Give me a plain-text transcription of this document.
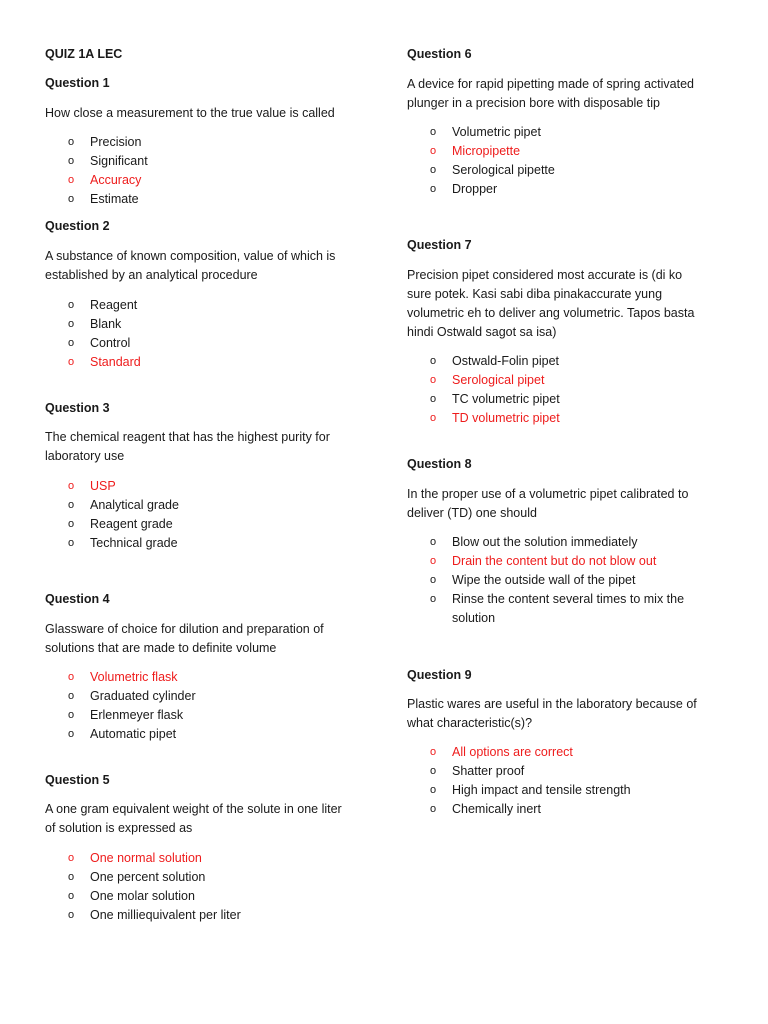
QUIZ 1A LEC
Question 1
How close a measurement to the true value is called
o Precision
o Significant
o Accuracy
o Estimate
Question 2
A substance of known composition, value of which is established by an analytical procedure
o Reagent
o Blank
o Control
o Standard
Question 3
The chemical reagent that has the highest purity for laboratory use
o USP
o Analytical grade
o Reagent grade
o Technical grade
Question 4
Glassware of choice for dilution and preparation of solutions that are made to definite volume
o Volumetric flask
o Graduated cylinder
o Erlenmeyer flask
o Automatic pipet
Question 5
A one gram equivalent weight of the solute in one liter of solution is expressed as
o One normal solution
o One percent solution
o One molar solution
o One milliequivalent per liter
Question 6
A device for rapid pipetting made of spring activated plunger in a precision bore with disposable tip
o Volumetric pipet
o Micropipette
o Serological pipette
o Dropper
Question 7
Precision pipet considered most accurate is (di ko sure potek. Kasi sabi diba pinakaccurate yung volumetric eh to deliver ang volumetric. Tapos basta hindi Ostwald sagot sa isa)
o Ostwald-Folin pipet
o Serological pipet
o TC volumetric pipet
o TD volumetric pipet
Question 8
In the proper use of a volumetric pipet calibrated to deliver (TD) one should
o Blow out the solution immediately
o Drain the content but do not blow out
o Wipe the outside wall of the pipet
o Rinse the content several times to mix the solution
Question 9
Plastic wares are useful in the laboratory because of what characteristic(s)?
o All options are correct
o Shatter proof
o High impact and tensile strength
o Chemically inert
